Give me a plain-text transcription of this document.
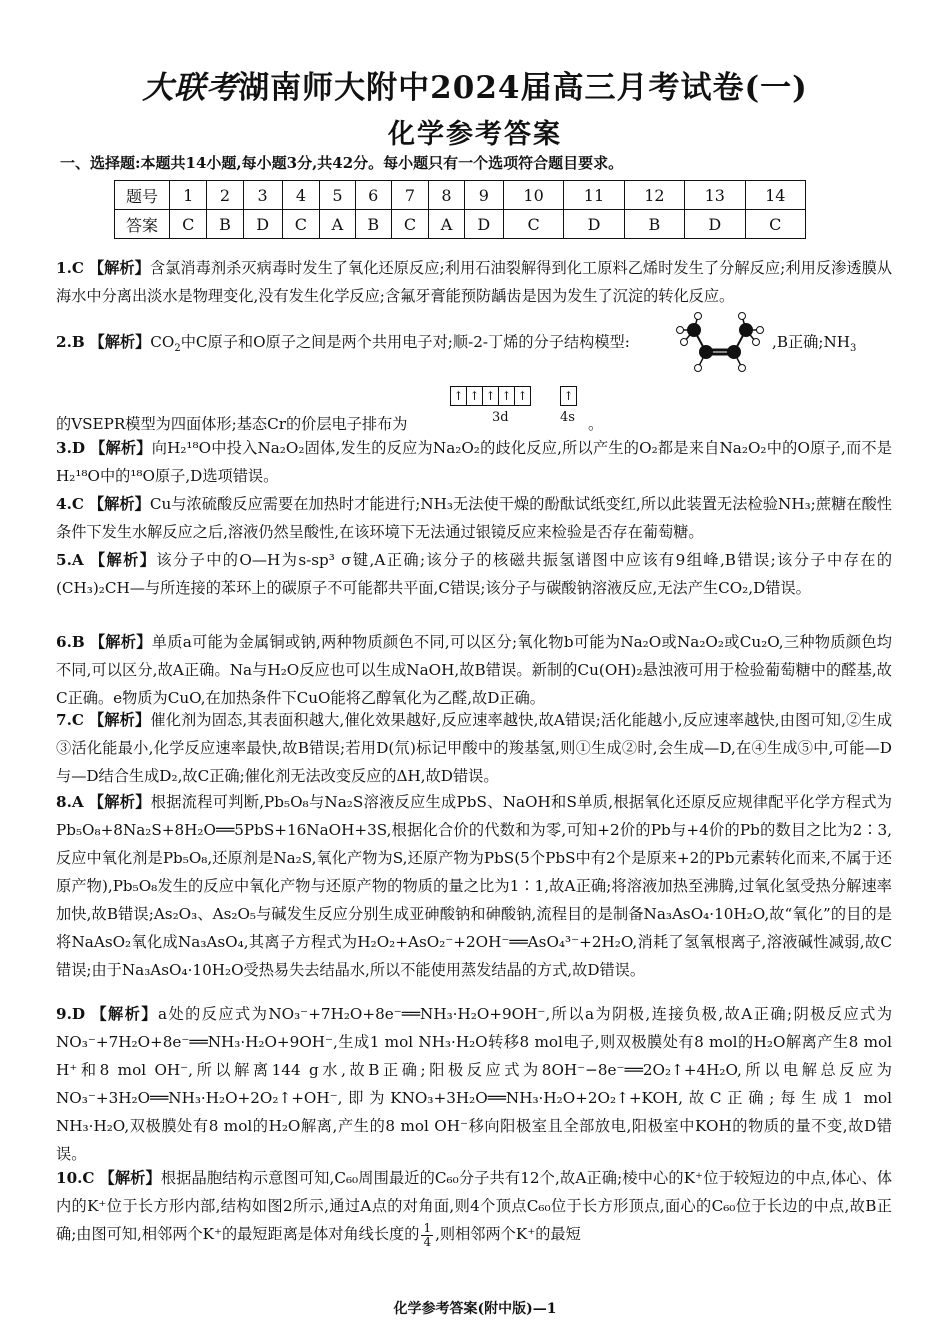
大联考湖南师大附中2024届高三月考试卷(一)
化学参考答案
一、选择题:本题共14小题,每小题3分,共42分。每小题只有一个选项符合题目要求。
题号	1	2	3	4	5	6	7	8	9	10	11	12	13	14
答案	C	B	D	C	A	B	C	A	D	C	D	B	D	C
1.C 【解析】含氯消毒剂杀灭病毒时发生了氧化还原反应;利用石油裂解得到化工原料乙烯时发生了分解反应;利用反渗透膜从海水中分离出淡水是物理变化,没有发生化学反应;含氟牙膏能预防龋齿是因为发生了沉淀的转化反应。
2.B 【解析】$CO_2$中C原子和O原子之间是两个共用电子对;顺-2-丁烯的分子结构模型:	,B正确$;NH_3$
的VSEPR模型为四面体形;基态Cr的价层电子排布为
↑ ↑ ↑ ↑ ↑	↑
3d	4s 。
3.D 【解析】向H₂¹⁸O中投入Na₂O₂固体,发生的反应为Na₂O₂的歧化反应,所以产生的O₂都是来自Na₂O₂中的O原子,而不是H₂¹⁸O中的¹⁸O原子,D选项错误。
4.C 【解析】Cu与浓硫酸反应需要在加热时才能进行;NH₃无法使干燥的酚酞试纸变红,所以此装置无法检验NH₃;蔗糖在酸性条件下发生水解反应之后,溶液仍然呈酸性,在该环境下无法通过银镜反应来检验是否存在葡萄糖。
5.A 【解析】该分子中的O—H为s-sp³ σ键,A正确;该分子的核磁共振氢谱图中应该有9组峰,B错误;该分子中存在的(CH₃)₂CH—与所连接的苯环上的碳原子不可能都共平面,C错误;该分子与碳酸钠溶液反应,无法产生CO₂,D错误。
6.B 【解析】单质a可能为金属铜或钠,两种物质颜色不同,可以区分;氧化物b可能为Na₂O或Na₂O₂或Cu₂O,三种物质颜色均不同,可以区分,故A正确。Na与H₂O反应也可以生成NaOH,故B错误。新制的Cu(OH)₂悬浊液可用于检验葡萄糖中的醛基,故C正确。e物质为CuO,在加热条件下CuO能将乙醇氧化为乙醛,故D正确。
7.C 【解析】催化剂为固态,其表面积越大,催化效果越好,反应速率越快,故A错误;活化能越小,反应速率越快,由图可知,②生成③活化能最小,化学反应速率最快,故B错误;若用D(氘)标记甲酸中的羧基氢,则①生成②时,会生成—D,在④生成⑤中,可能—D与—D结合生成D₂,故C正确;催化剂无法改变反应的ΔH,故D错误。
8.A 【解析】根据流程可判断,Pb₅O₈与Na₂S溶液反应生成PbS、NaOH和S单质,根据氧化还原反应规律配平化学方程式为Pb₅O₈+8Na₂S+8H₂O══5PbS+16NaOH+3S,根据化合价的代数和为零,可知+2价的Pb与+4价的Pb的数目之比为2∶3,反应中氧化剂是Pb₅O₈,还原剂是Na₂S,氧化产物为S,还原产物为PbS(5个PbS中有2个是原来+2的Pb元素转化而来,不属于还原产物),Pb₅O₈发生的反应中氧化产物与还原产物的物质的量之比为1∶1,故A正确;将溶液加热至沸腾,过氧化氢受热分解速率加快,故B错误;As₂O₃、As₂O₅与碱发生反应分别生成亚砷酸钠和砷酸钠,流程目的是制备Na₃AsO₄·10H₂O,故“氧化”的目的是将NaAsO₂氧化成Na₃AsO₄,其离子方程式为H₂O₂+AsO₂⁻+2OH⁻══AsO₄³⁻+2H₂O,消耗了氢氧根离子,溶液碱性减弱,故C错误;由于Na₃AsO₄·10H₂O受热易失去结晶水,所以不能使用蒸发结晶的方式,故D错误。
9.D 【解析】a处的反应式为NO₃⁻+7H₂O+8e⁻══NH₃·H₂O+9OH⁻,所以a为阴极,连接负极,故A正确;阴极反应式为NO₃⁻+7H₂O+8e⁻══NH₃·H₂O+9OH⁻,生成1 mol NH₃·H₂O转移8 mol电子,则双极膜处有8 mol的H₂O解离产生8 mol H⁺和8 mol OH⁻,所以解离144 g水,故B正确;阳极反应式为8OH⁻−8e⁻══2O₂↑+4H₂O,所以电解总反应为NO₃⁻+3H₂O══NH₃·H₂O+2O₂↑+OH⁻,即为KNO₃+3H₂O══NH₃·H₂O+2O₂↑+KOH,故C正确;每生成1 mol NH₃·H₂O,双极膜处有8 mol的H₂O解离,产生的8 mol OH⁻移向阳极室且全部放电,阳极室中KOH的物质的量不变,故D错误。
10.C 【解析】根据晶胞结构示意图可知,C₆₀周围最近的C₆₀分子共有12个,故A正确;棱中心的K⁺位于较短边的中点,体心、体内的K⁺位于长方形内部,结构如图2所示,通过A点的对角面,则4个顶点C₆₀位于长方形顶点,面心的C₆₀位于长边的中点,故B正确;由图可知,相邻两个K⁺的最短距离是体对角线长度的 $\frac{1}{4}$ ,则相邻两个K⁺的最短
化学参考答案(附中版)—1
